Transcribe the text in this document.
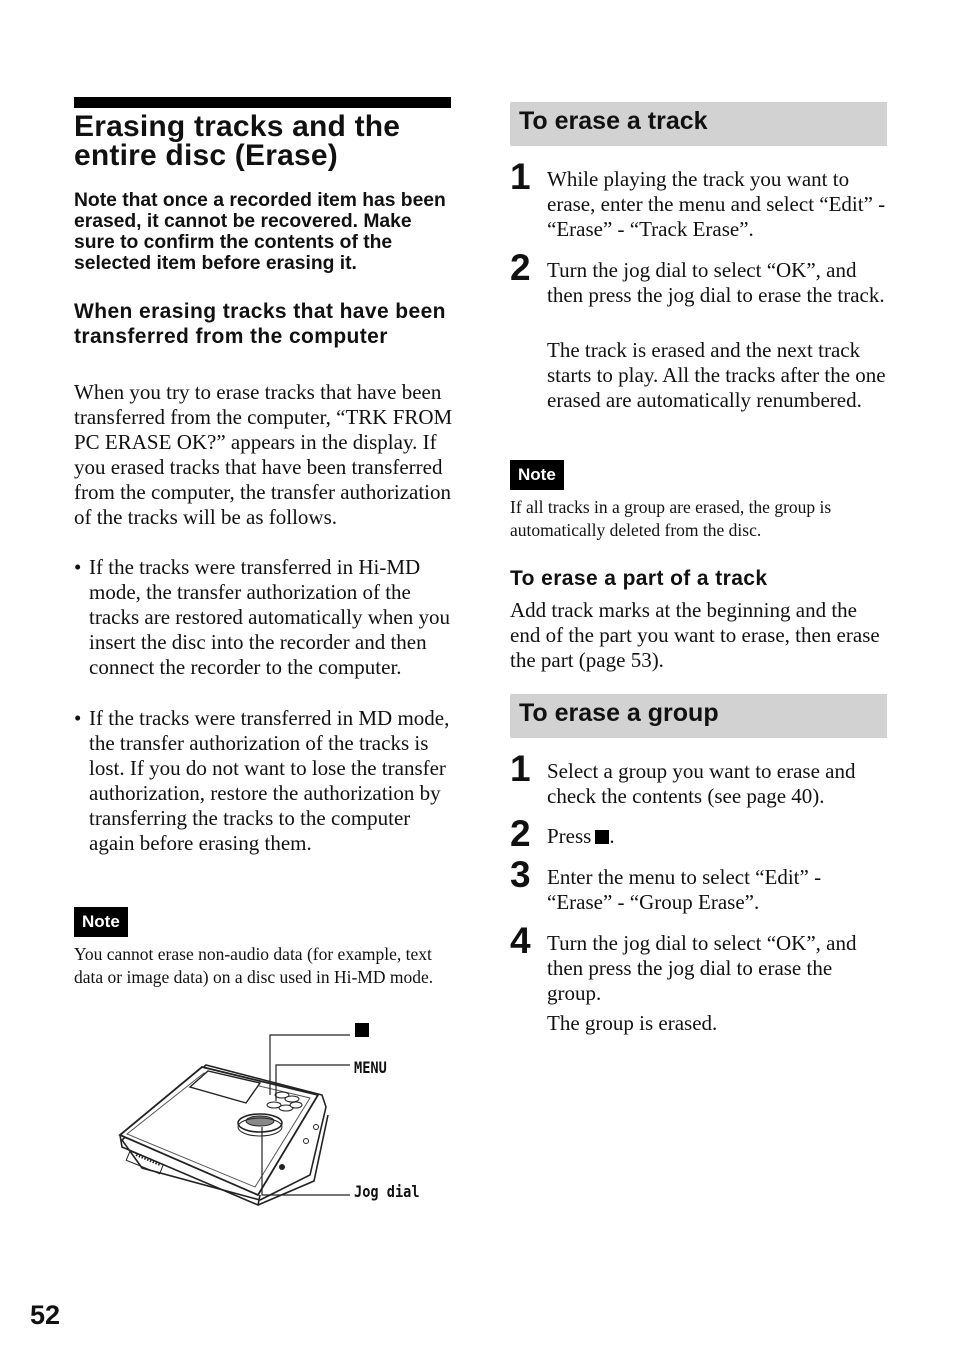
Erasing tracks and the entire disc (Erase)
Note that once a recorded item has been erased, it cannot be recovered. Make sure to confirm the contents of the selected item before erasing it.
When erasing tracks that have been transferred from the computer
When you try to erase tracks that have been transferred from the computer, “TRK FROM PC ERASE OK?” appears in the display. If you erased tracks that have been transferred from the computer, the transfer authorization of the tracks will be as follows.
• If the tracks were transferred in Hi-MD mode, the transfer authorization of the tracks are restored automatically when you insert the disc into the recorder and then connect the recorder to the computer.
• If the tracks were transferred in MD mode, the transfer authorization of the tracks is lost. If you do not want to lose the transfer authorization, restore the authorization by transferring the tracks to the computer again before erasing them.
Note
You cannot erase non-audio data (for example, text data or image data) on a disc used in Hi-MD mode.
MENU
Jog dial
To erase a track
1 While playing the track you want to erase, enter the menu and select “Edit” - “Erase” - “Track Erase”.
2 Turn the jog dial to select “OK”, and then press the jog dial to erase the track.
The track is erased and the next track starts to play. All the tracks after the one erased are automatically renumbered.
Note
If all tracks in a group are erased, the group is automatically deleted from the disc.
To erase a part of a track
Add track marks at the beginning and the end of the part you want to erase, then erase the part (page 53).
To erase a group
1 Select a group you want to erase and check the contents (see page 40).
2 Press .
3 Enter the menu to select “Edit” - “Erase” - “Group Erase”.
4 Turn the jog dial to select “OK”, and then press the jog dial to erase the group.
The group is erased.
52
